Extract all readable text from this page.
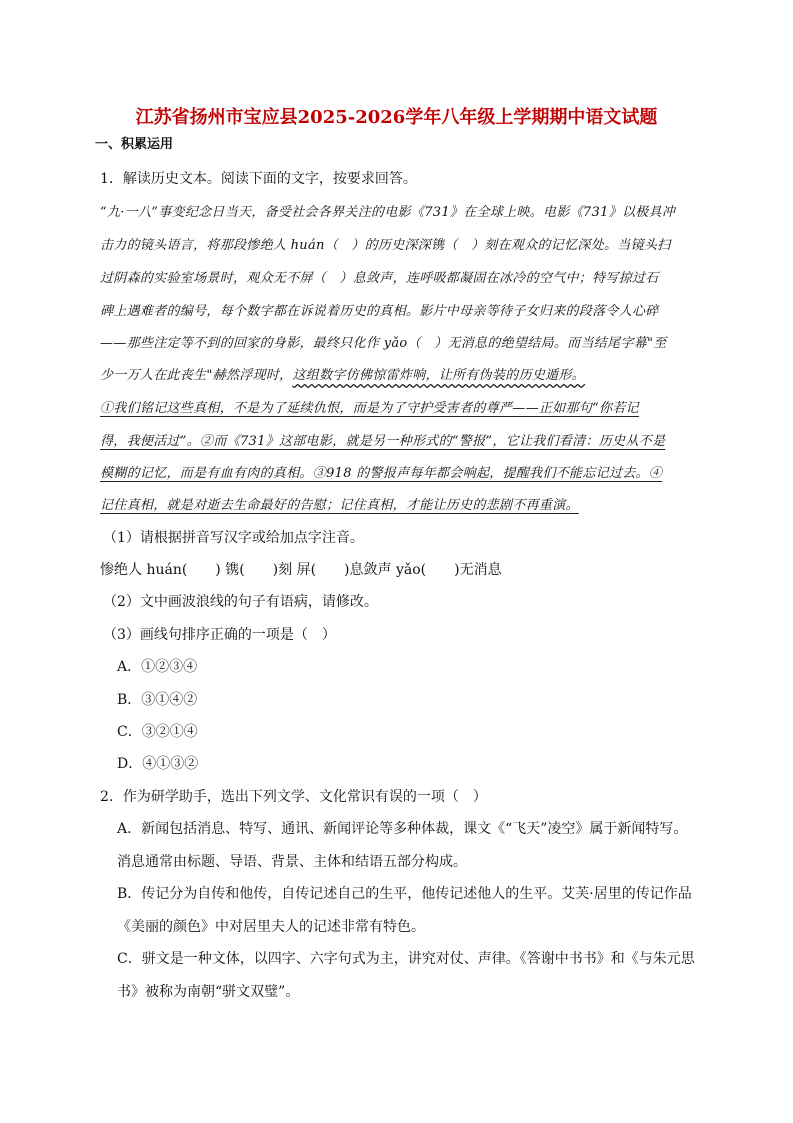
江苏省扬州市宝应县2025-2026学年八年级上学期期中语文试题
一、积累运用
1．解读历史文本。阅读下面的文字，按要求回答。
“九·一八”事变纪念日当天，备受社会各界关注的电影《731》在全球上映。电影《731》以极具冲
击力的镜头语言，将那段惨绝人 huán（　）的历史深深镌（　）刻在观众的记忆深处。当镜头扫
过阴森的实验室场景时，观众无不屏（　）息敛声，连呼吸都凝固在冰冷的空气中；特写掠过石
碑上遇难者的编号，每个数字都在诉说着历史的真相。影片中母亲等待子女归来的段落令人心碎
——那些注定等不到的回家的身影，最终只化作 yǎo（　）无消息的绝望结局。而当结尾字幕"至
少一万人在此丧生"赫然浮现时，这组数字仿佛惊雷炸响，让所有伪装的历史遁形。
①我们铭记这些真相，不是为了延续仇恨，而是为了守护受害者的尊严——正如那句“你若记
得，我便活过”。②而《731》这部电影，就是另一种形式的“警报”，它让我们看清：历史从不是
模糊的记忆，而是有血有肉的真相。③918 的警报声每年都会响起，提醒我们不能忘记过去。④
记住真相，就是对逝去生命最好的告慰；记住真相，才能让历史的悲剧不再重演。
（1）请根据拼音写汉字或给加点字注音。
惨绝人 huán(　　) 镌(　　)刻 屏(　　)息敛声 yǎo(　　)无消息
（2）文中画波浪线的句子有语病，请修改。
（3）画线句排序正确的一项是（　）
A．①②③④
B．③①④②
C．③②①④
D．④①③②
2．作为研学助手，选出下列文学、文化常识有误的一项（　）
A．新闻包括消息、特写、通讯、新闻评论等多种体裁，课文《“飞天”凌空》属于新闻特写。
消息通常由标题、导语、背景、主体和结语五部分构成。
B．传记分为自传和他传，自传记述自己的生平，他传记述他人的生平。艾芙·居里的传记作品
《美丽的颜色》中对居里夫人的记述非常有特色。
C．骈文是一种文体，以四字、六字句式为主，讲究对仗、声律。《答谢中书书》和《与朱元思
书》被称为南朝“骈文双璧”。
